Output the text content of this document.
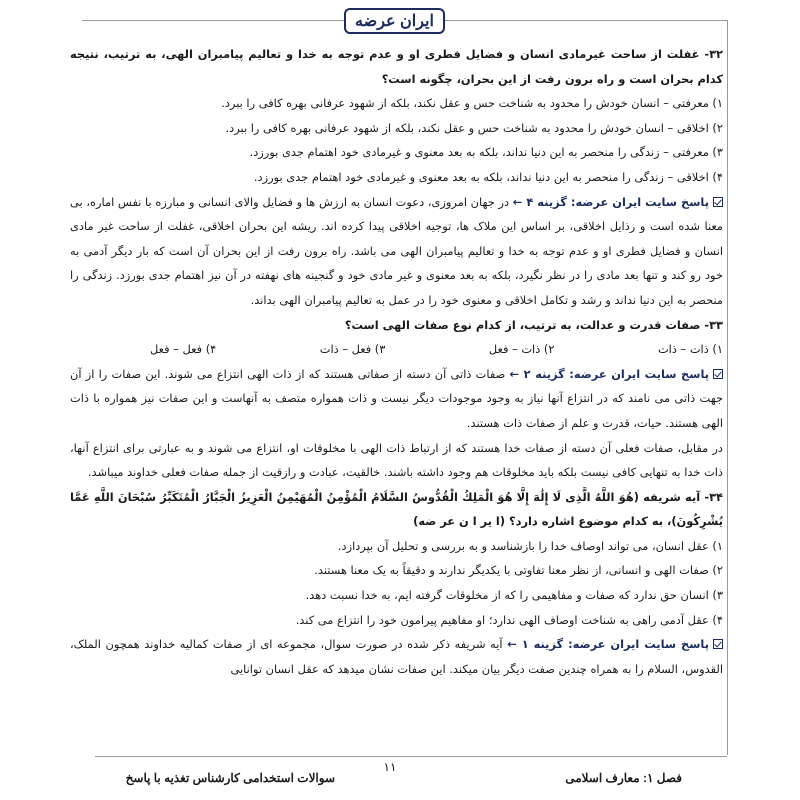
ایران عرضه

۳۲- غفلت از ساحت غیرمادی انسان و فضایل فطری او و عدم توجه به خدا و تعالیم پیامبران الهی، به ترتیب، نتیجه کدام بحران است و راه برون رفت از این بحران، چگونه است؟

۱) معرفتی – انسان خودش را محدود به شناخت حس و عقل نکند، بلکه از شهود عرفانی بهره کافی را ببرد.

۲) اخلاقی – انسان خودش را محدود به شناخت حس و عقل نکند، بلکه از شهود عرفانی بهره کافی را ببرد.

۳) معرفتی – زندگی را منحصر به این دنیا نداند، بلکه به بعد معنوی و غیرمادی خود اهتمام جدی بورزد.

۴) اخلاقی – زندگی را منحصر به این دنیا نداند، بلکه به بعد معنوی و غیرمادی خود اهتمام جدی بورزد.

پاسخ سایت ایران عرضه: گزینه ۴ ← در جهان امروزی، دعوت انسان به ارزش ها و فضایل والای انسانی و مبارزه با نفس اماره، بی معنا شده است و رذایل اخلاقی، بر اساس این ملاک ها، توجیه اخلاقی پیدا کرده اند. ریشه این بحران اخلاقی، غفلت از ساحت غیر مادی انسان و فضایل فطری او و عدم توجه به خدا و تعالیم پیامبران الهی می باشد. راه برون رفت از این بحران آن است که بار دیگر آدمی به خود رو کند و تنها بعد مادی را در نظر نگیرد، بلکه به بعد معنوی و غیر مادی خود و گنجینه های نهفته در آن نیز اهتمام جدی بورزد. زندگی را منحصر به این دنیا نداند و رشد و تکامل اخلاقی و معنوی خود را در عمل به تعالیم پیامبران الهی بداند.

۳۳- صفات قدرت و عدالت، به ترتیب، از کدام نوع صفات الهی است؟

۱) ذات – ذات
۲) ذات – فعل
۳) فعل – ذات
۴) فعل – فعل

پاسخ سایت ایران عرضه: گزینه ۲ ← صفات ذاتی آن دسته از صفاتی هستند که از ذات الهی انتزاع می شوند. این صفات را از آن جهت ذاتی می نامند که در انتزاع آنها نیاز به وجود موجودات دیگر نیست و ذات همواره متصف به آنهاست و این صفات نیز همواره با ذات الهی هستند. حیات، قدرت و علم از صفات ذات هستند.

در مقابل، صفات فعلی آن دسته از صفات خدا هستند که از ارتباط ذات الهی با مخلوقات او، انتزاع می شوند و به عبارتی برای انتزاع آنها، ذات خدا به تنهایی کافی نیست بلکه باید مخلوقات هم وجود داشته باشند. خالقیت، عبادت و رازقیت از جمله صفات فعلی خداوند میباشد.

۳۴- آیه شریفه (هُوَ اللَّهُ الَّذِی لَا إِلَٰهَ إِلَّا هُوَ الْمَلِكُ الْقُدُّوسُ السَّلَامُ الْمُؤْمِنُ الْمُهَیْمِنُ الْعَزِیزُ الْجَبَّارُ الْمُتَكَبِّرُ سُبْحَانَ اللَّهِ عَمَّا یُشْرِكُونَ)، به کدام موضوع اشاره دارد؟ (ا یر ا ن عر ضه)

۱) عقل انسان، می تواند اوصاف خدا را بازشناسد و به بررسی و تحلیل آن بپردازد.

۲) صفات الهی و انسانی، از نظر معنا تفاوتی با یکدیگر ندارند و دقیقاً به یک معنا هستند.

۳) انسان حق ندارد که صفات و مفاهیمی را که از مخلوقات گرفته ایم، به خدا نسبت دهد.

۴) عقل آدمی راهی به شناخت اوصاف الهی ندارد؛ او مفاهیم پیرامون خود را انتزاع می کند.

پاسخ سایت ایران عرضه: گزینه ۱ ← آیه شریفه ذکر شده در صورت سوال، مجموعه ای از صفات کمالیه خداوند همچون الملک، القدوس، السلام را به همراه چندین صفت دیگر بیان میکند. این صفات نشان میدهد که عقل انسان توانایی

۱۱
فصل ۱: معارف اسلامی
سوالات استخدامی کارشناس تغذیه با پاسخ
